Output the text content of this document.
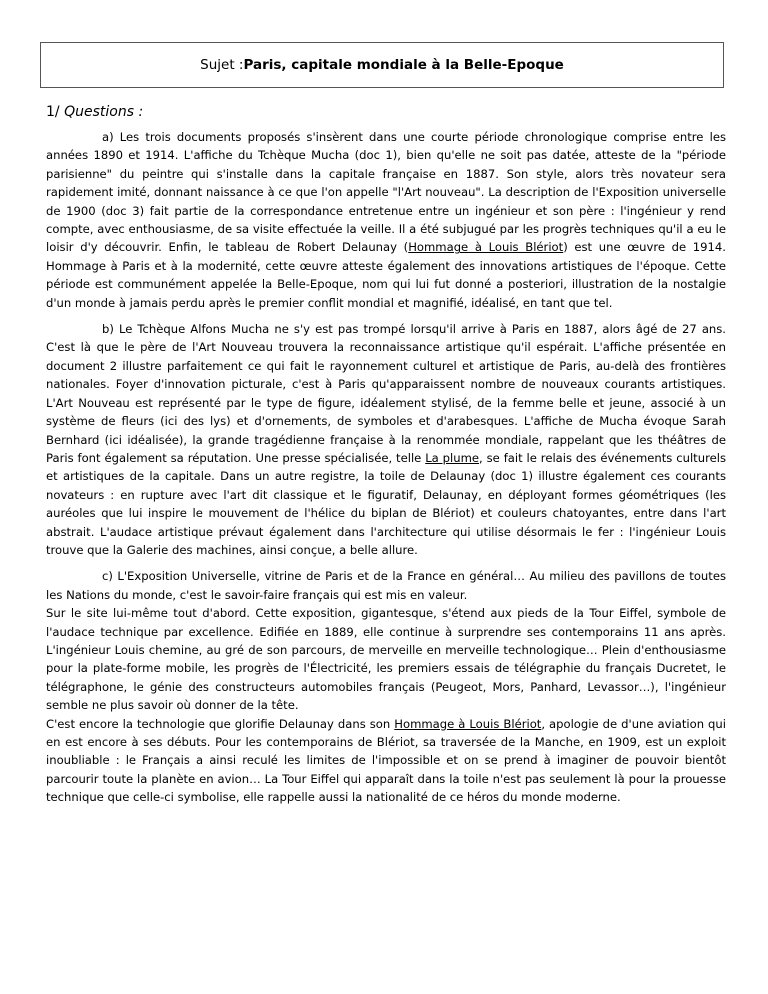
Sujet : Paris, capitale mondiale à la Belle-Epoque
1/ Questions :

a) Les trois documents proposés s'insèrent dans une courte période chronologique comprise entre les années 1890 et 1914. L'affiche du Tchèque Mucha (doc 1), bien qu'elle ne soit pas datée, atteste de la "période parisienne" du peintre qui s'installe dans la capitale française en 1887. Son style, alors très novateur sera rapidement imité, donnant naissance à ce que l'on appelle "l'Art nouveau". La description de l'Exposition universelle de 1900 (doc 3) fait partie de la correspondance entretenue entre un ingénieur et son père : l'ingénieur y rend compte, avec enthousiasme, de sa visite effectuée la veille. Il a été subjugué par les progrès techniques qu'il a eu le loisir d'y découvrir. Enfin, le tableau de Robert Delaunay (Hommage à Louis Blériot) est une œuvre de 1914. Hommage à Paris et à la modernité, cette œuvre atteste également des innovations artistiques de l'époque. Cette période est communément appelée la Belle-Epoque, nom qui lui fut donné a posteriori, illustration de la nostalgie d'un monde à jamais perdu après le premier conflit mondial et magnifié, idéalisé, en tant que tel.

b) Le Tchèque Alfons Mucha ne s'y est pas trompé lorsqu'il arrive à Paris en 1887, alors âgé de 27 ans. C'est là que le père de l'Art Nouveau trouvera la reconnaissance artistique qu'il espérait. L'affiche présentée en document 2 illustre parfaitement ce qui fait le rayonnement culturel et artistique de Paris, au-delà des frontières nationales. Foyer d'innovation picturale, c'est à Paris qu'apparaissent nombre de nouveaux courants artistiques. L'Art Nouveau est représenté par le type de figure, idéalement stylisé, de la femme belle et jeune, associé à un système de fleurs (ici des lys) et d'ornements, de symboles et d'arabesques. L'affiche de Mucha évoque Sarah Bernhard (ici idéalisée), la grande tragédienne française à la renommée mondiale, rappelant que les théâtres de Paris font également sa réputation. Une presse spécialisée, telle La plume, se fait le relais des événements culturels et artistiques de la capitale. Dans un autre registre, la toile de Delaunay (doc 1) illustre également ces courants novateurs : en rupture avec l'art dit classique et le figuratif, Delaunay, en déployant formes géométriques (les auréoles que lui inspire le mouvement de l'hélice du biplan de Blériot) et couleurs chatoyantes, entre dans l'art abstrait. L'audace artistique prévaut également dans l'architecture qui utilise désormais le fer : l'ingénieur Louis trouve que la Galerie des machines, ainsi conçue, a belle allure.

c) L'Exposition Universelle, vitrine de Paris et de la France en général… Au milieu des pavillons de toutes les Nations du monde, c'est le savoir-faire français qui est mis en valeur.

Sur le site lui-même tout d'abord. Cette exposition, gigantesque, s'étend aux pieds de la Tour Eiffel, symbole de l'audace technique par excellence. Edifiée en 1889, elle continue à surprendre ses contemporains 11 ans après. L'ingénieur Louis chemine, au gré de son parcours, de merveille en merveille technologique… Plein d'enthousiasme pour la plate-forme mobile, les progrès de l'Électricité, les premiers essais de télégraphie du français Ducretet, le télégraphone, le génie des constructeurs automobiles français (Peugeot, Mors, Panhard, Levassor…), l'ingénieur semble ne plus savoir où donner de la tête.

C'est encore la technologie que glorifie Delaunay dans son Hommage à Louis Blériot, apologie de d'une aviation qui en est encore à ses débuts. Pour les contemporains de Blériot, sa traversée de la Manche, en 1909, est un exploit inoubliable : le Français a ainsi reculé les limites de l'impossible et on se prend à imaginer de pouvoir bientôt parcourir toute la planète en avion… La Tour Eiffel qui apparaît dans la toile n'est pas seulement là pour la prouesse technique que celle-ci symbolise, elle rappelle aussi la nationalité de ce héros du monde moderne.
